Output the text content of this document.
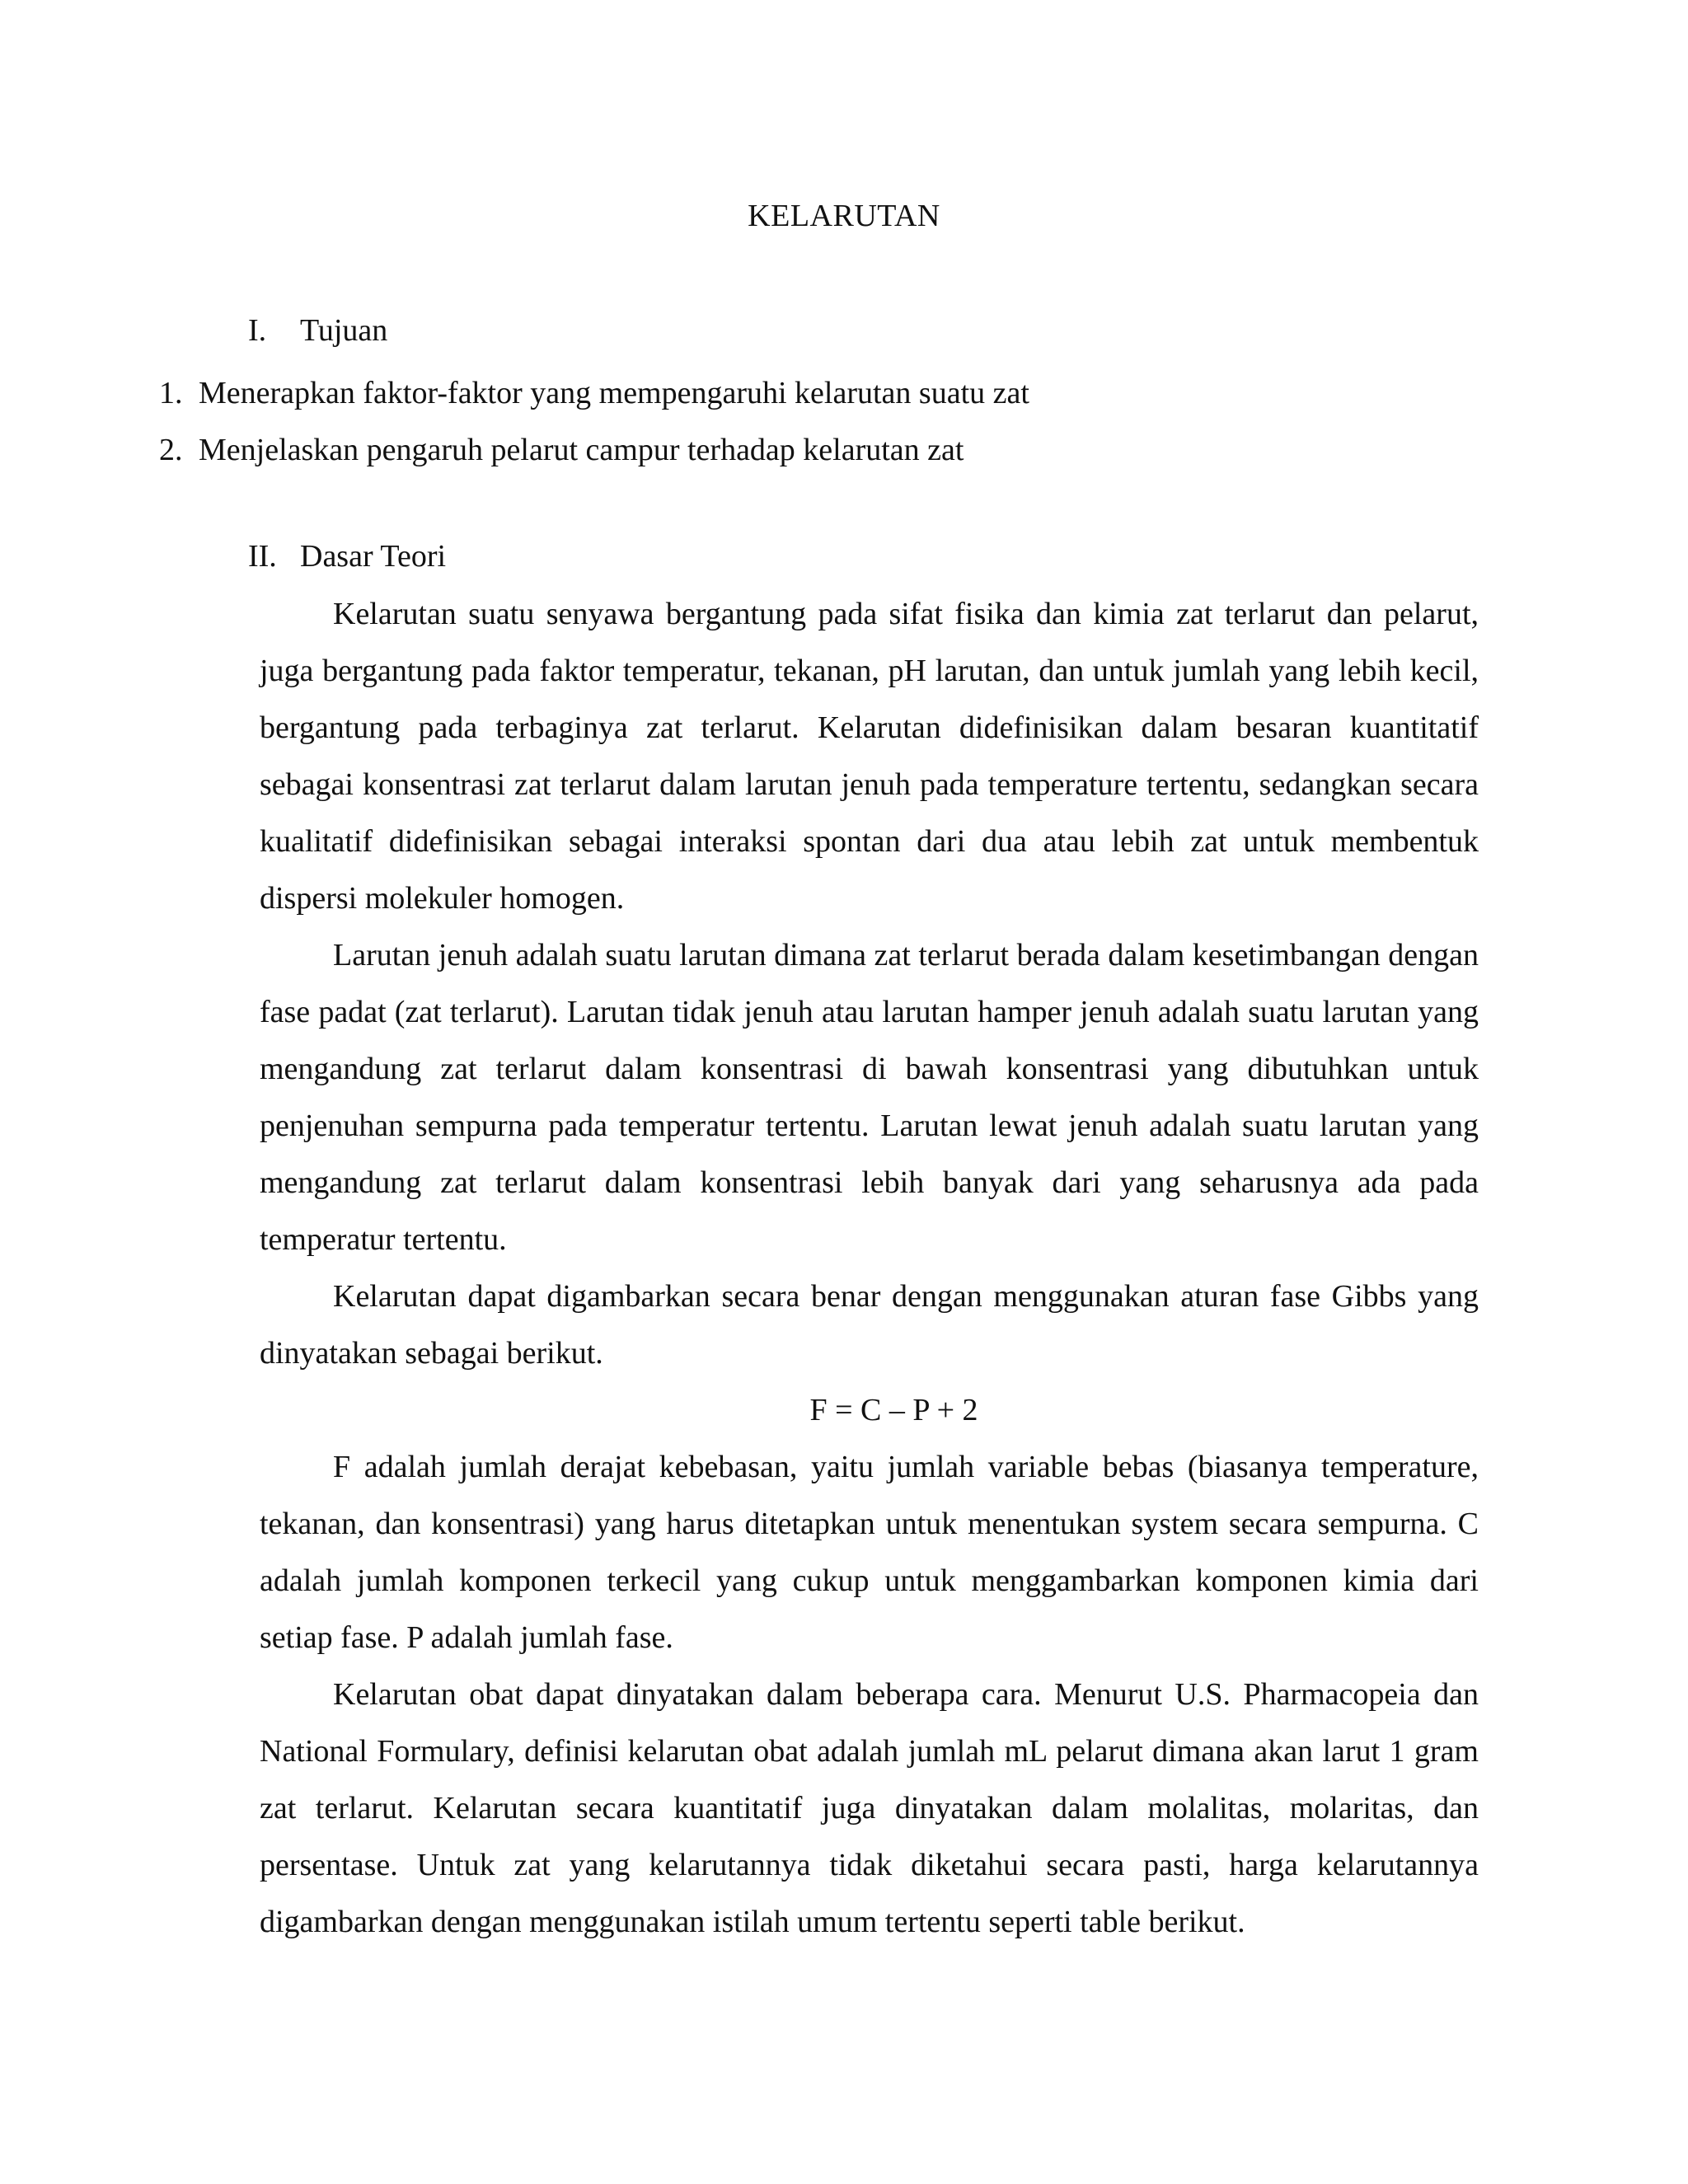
KELARUTAN
I. Tujuan
1. Menerapkan faktor-faktor yang mempengaruhi kelarutan suatu zat
2. Menjelaskan pengaruh pelarut campur terhadap kelarutan zat
II. Dasar Teori

Kelarutan suatu senyawa bergantung pada sifat fisika dan kimia zat terlarut dan pelarut, juga bergantung pada faktor temperatur, tekanan, pH larutan, dan untuk jumlah yang lebih kecil, bergantung pada terbaginya zat terlarut. Kelarutan didefinisikan dalam besaran kuantitatif sebagai konsentrasi zat terlarut dalam larutan jenuh pada temperature tertentu, sedangkan secara kualitatif didefinisikan sebagai interaksi spontan dari dua atau lebih zat untuk membentuk dispersi molekuler homogen.

Larutan jenuh adalah suatu larutan dimana zat terlarut berada dalam kesetimbangan dengan fase padat (zat terlarut). Larutan tidak jenuh atau larutan hamper jenuh adalah suatu larutan yang mengandung zat terlarut dalam konsentrasi di bawah konsentrasi yang dibutuhkan untuk penjenuhan sempurna pada temperatur tertentu. Larutan lewat jenuh adalah suatu larutan yang mengandung zat terlarut dalam konsentrasi lebih banyak dari yang seharusnya ada pada temperatur tertentu.

Kelarutan dapat digambarkan secara benar dengan menggunakan aturan fase Gibbs yang dinyatakan sebagai berikut.

F = C – P + 2

F adalah jumlah derajat kebebasan, yaitu jumlah variable bebas (biasanya temperature, tekanan, dan konsentrasi) yang harus ditetapkan untuk menentukan system secara sempurna. C adalah jumlah komponen terkecil yang cukup untuk menggambarkan komponen kimia dari setiap fase. P adalah jumlah fase.

Kelarutan obat dapat dinyatakan dalam beberapa cara. Menurut U.S. Pharmacopeia dan National Formulary, definisi kelarutan obat adalah jumlah mL pelarut dimana akan larut 1 gram zat terlarut. Kelarutan secara kuantitatif juga dinyatakan dalam molalitas, molaritas, dan persentase. Untuk zat yang kelarutannya tidak diketahui secara pasti, harga kelarutannya digambarkan dengan menggunakan istilah umum tertentu seperti table berikut.
